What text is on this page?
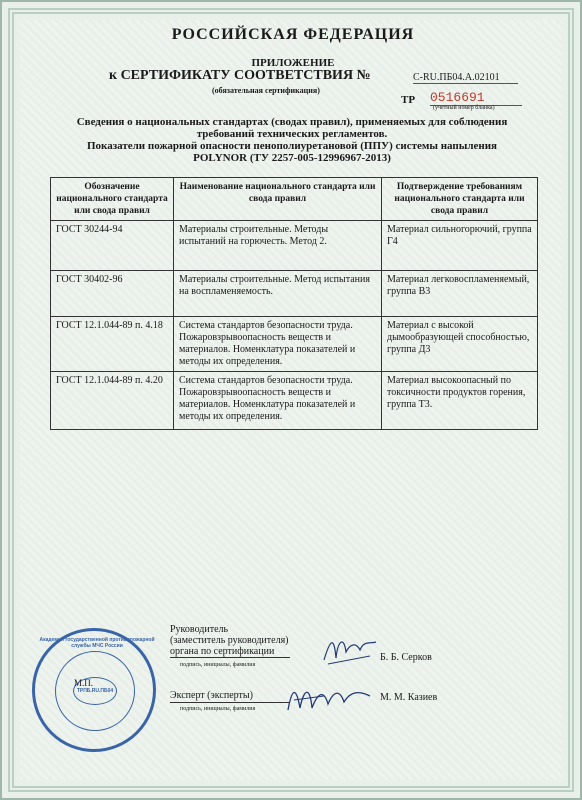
РОССИЙСКАЯ ФЕДЕРАЦИЯ
ПРИЛОЖЕНИЕ
к СЕРТИФИКАТУ СООТВЕТСТВИЯ №	С-RU.ПБ04.А.02101
(обязательная сертификация)
ТР 0516691
(учетный номер бланка)
Сведения о национальных стандартах (сводах правил), применяемых для соблюдения
требований технических регламентов.
Показатели пожарной опасности пенополиуретановой (ППУ) системы напыления
POLYNOR (ТУ 2257-005-12996967-2013)
Обозначение национального стандарта или свода правил	Наименование национального стандарта или свода правил	Подтверждение требованиям национального стандарта или свода правил
ГОСТ 30244-94	Материалы строительные. Методы испытаний на горючесть. Метод 2.	Материал сильногорючий, группа Г4
ГОСТ 30402-96	Материалы строительные. Метод испытания на воспламеняемость.	Материал легковоспламеняемый, группа В3
ГОСТ 12.1.044-89 п. 4.18	Система стандартов безопасности труда. Пожаровзрывоопасность веществ и материалов. Номенклатура показателей и методы их определения.	Материал с высокой дымообразующей способностью, группа Д3
ГОСТ 12.1.044-89 п. 4.20	Система стандартов безопасности труда. Пожаровзрывоопасность веществ и материалов. Номенклатура показателей и методы их определения.	Материал высокоопасный по токсичности продуктов горения, группа Т3.
Руководитель
(заместитель руководителя)
органа по сертификации
подпись, инициалы, фамилия
Б. Б. Серков
Эксперт (эксперты)
подпись, инициалы, фамилия
М. М. Казиев
ТРПБ.RU.ПБ04
Академия государственной противопожарной службы МЧС России
М.П.
